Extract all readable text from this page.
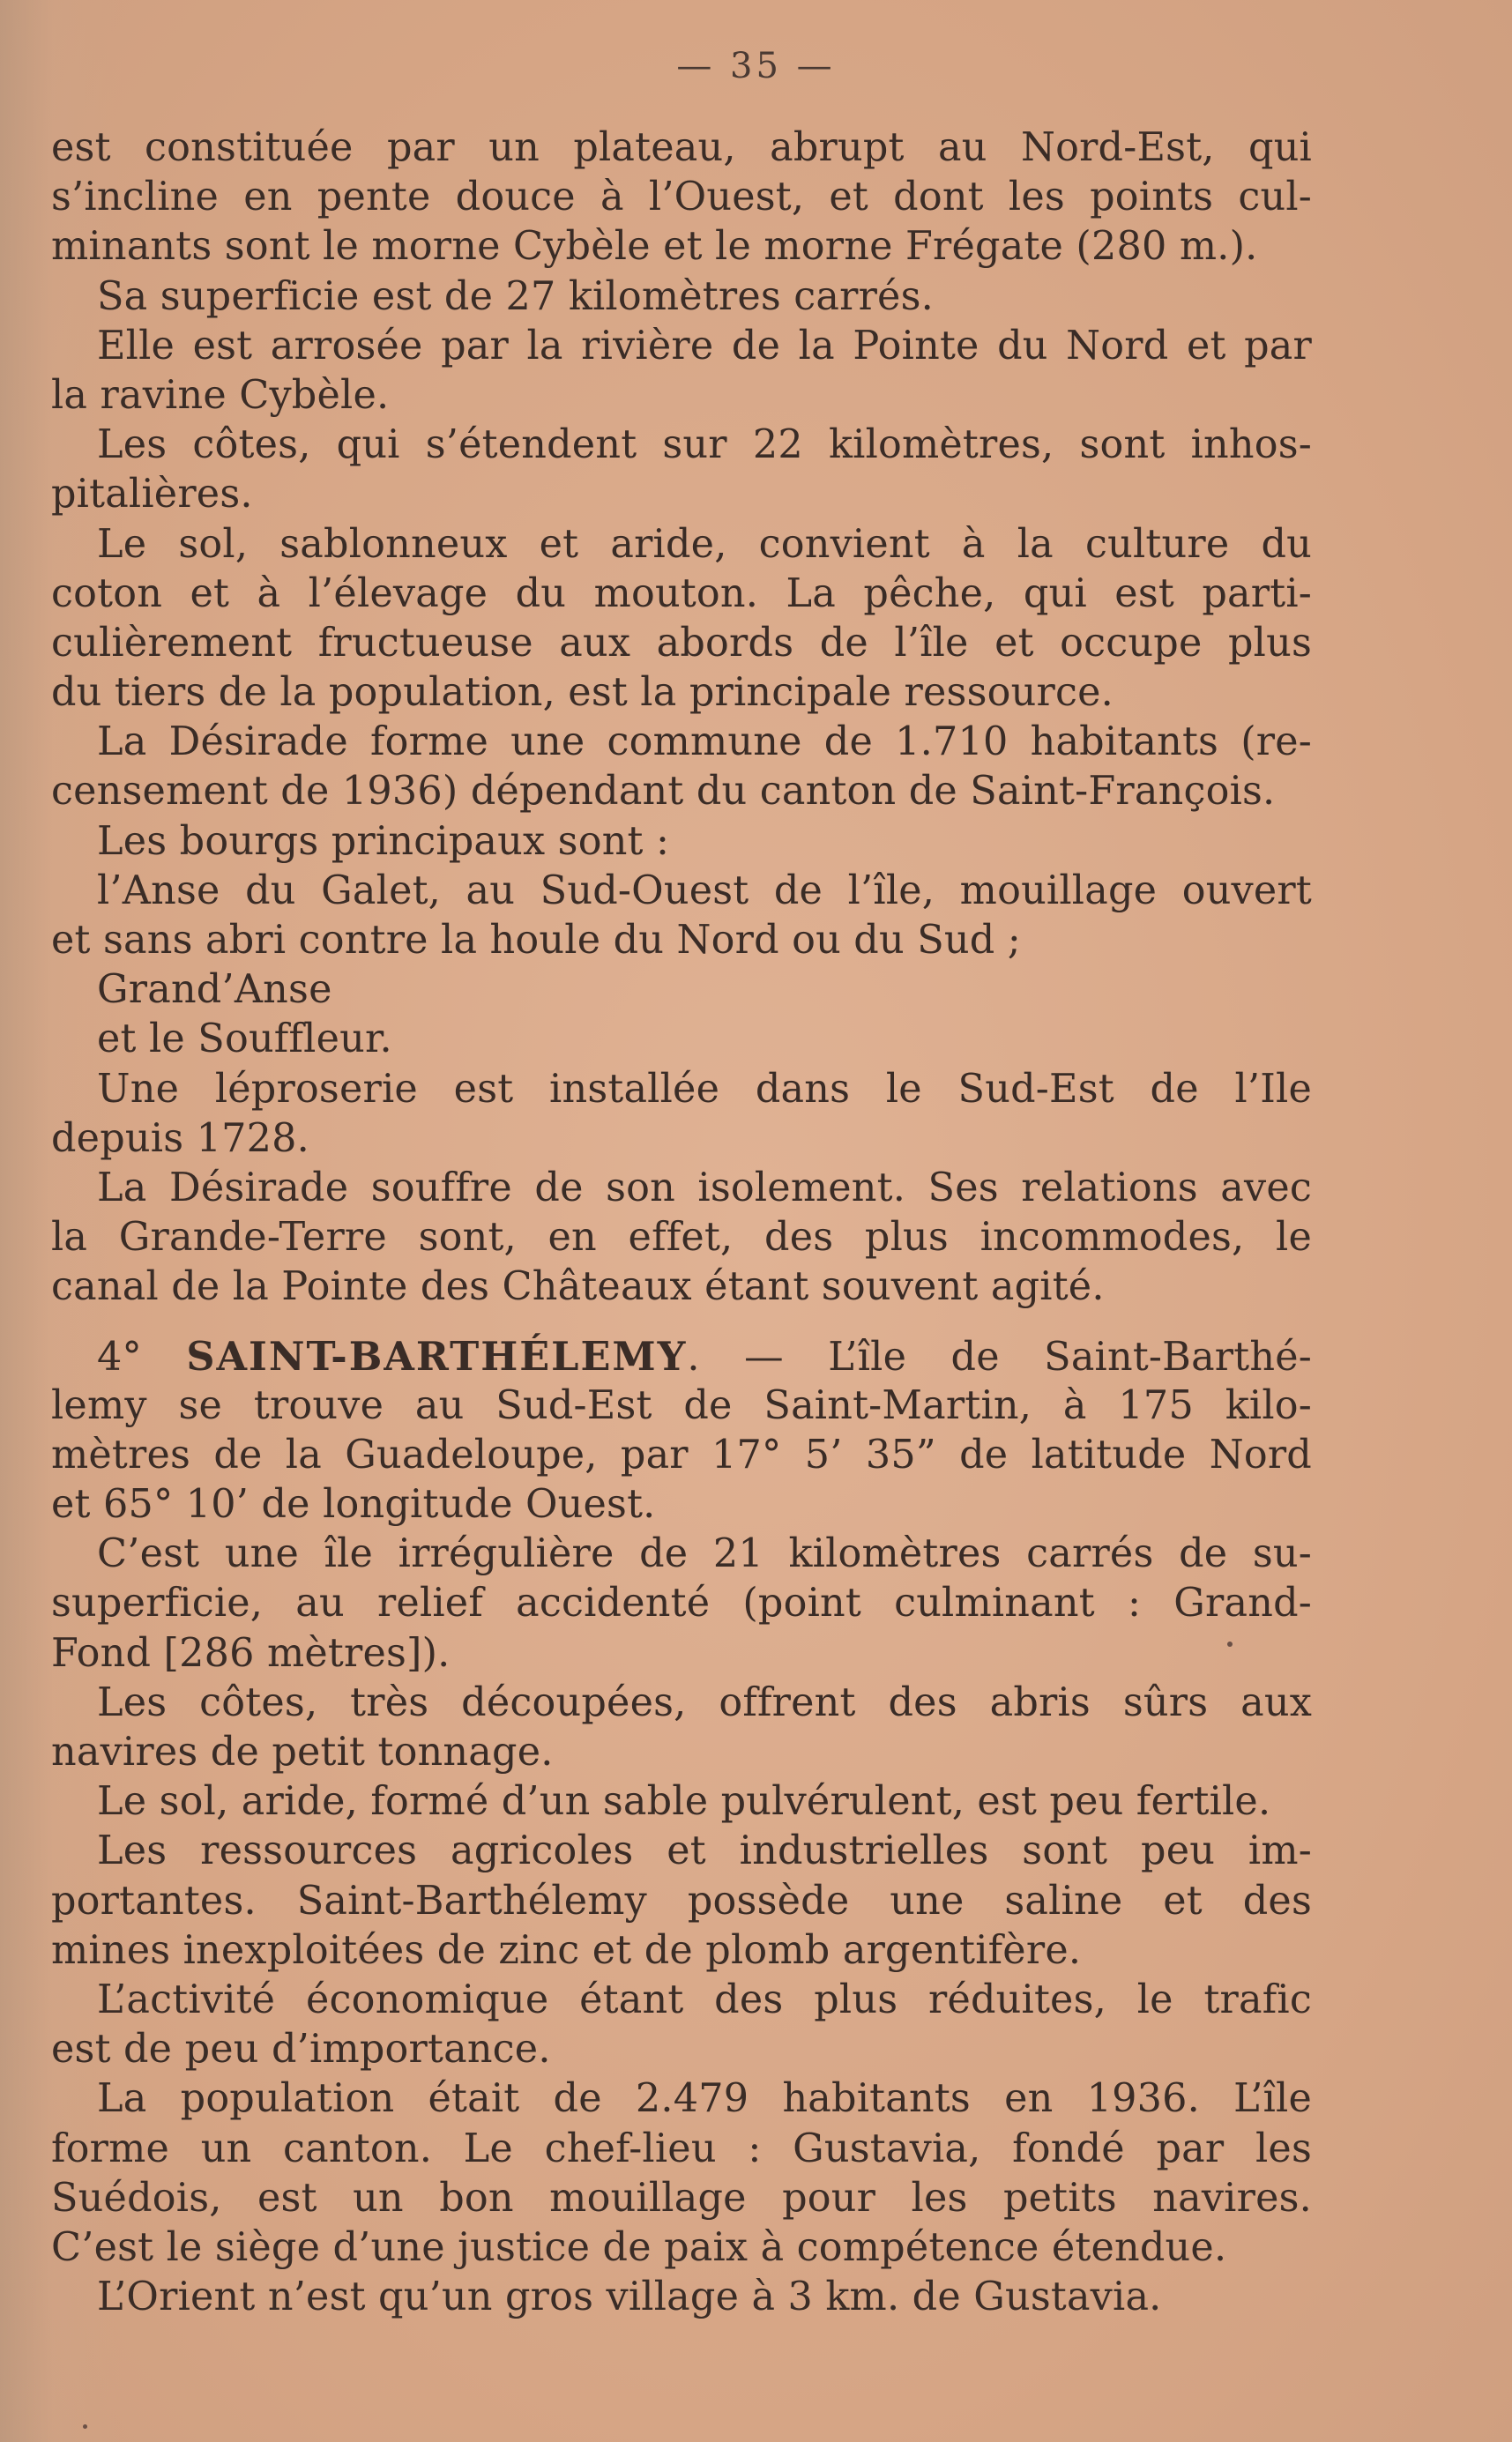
— 35 —
est constituée par un plateau, abrupt au Nord-Est, qui
s’incline en pente douce à l’Ouest, et dont les points cul-
minants sont le morne Cybèle et le morne Frégate (280 m.).
Sa superficie est de 27 kilomètres carrés.
Elle est arrosée par la rivière de la Pointe du Nord et par
la ravine Cybèle.
Les côtes, qui s’étendent sur 22 kilomètres, sont inhos-
pitalières.
Le sol, sablonneux et aride, convient à la culture du
coton et à l’élevage du mouton. La pêche, qui est parti-
culièrement fructueuse aux abords de l’île et occupe plus
du tiers de la population, est la principale ressource.
La Désirade forme une commune de 1.710 habitants (re-
censement de 1936) dépendant du canton de Saint-François.
Les bourgs principaux sont :
l’Anse du Galet, au Sud-Ouest de l’île, mouillage ouvert
et sans abri contre la houle du Nord ou du Sud ;
Grand’Anse
et le Souffleur.
Une léproserie est installée dans le Sud-Est de l’Ile
depuis 1728.
La Désirade souffre de son isolement. Ses relations avec
la Grande-Terre sont, en effet, des plus incommodes, le
canal de la Pointe des Châteaux étant souvent agité.
4° SAINT-BARTHÉLEMY. — L’île de Saint-Barthé-
lemy se trouve au Sud-Est de Saint-Martin, à 175 kilo-
mètres de la Guadeloupe, par 17° 5’ 35” de latitude Nord
et 65° 10’ de longitude Ouest.
C’est une île irrégulière de 21 kilomètres carrés de su-
superficie, au relief accidenté (point culminant : Grand-
Fond [286 mètres]).
Les côtes, très découpées, offrent des abris sûrs aux
navires de petit tonnage.
Le sol, aride, formé d’un sable pulvérulent, est peu fertile.
Les ressources agricoles et industrielles sont peu im-
portantes. Saint-Barthélemy possède une saline et des
mines inexploitées de zinc et de plomb argentifère.
L’activité économique étant des plus réduites, le trafic
est de peu d’importance.
La population était de 2.479 habitants en 1936. L’île
forme un canton. Le chef-lieu : Gustavia, fondé par les
Suédois, est un bon mouillage pour les petits navires.
C’est le siège d’une justice de paix à compétence étendue.
L’Orient n’est qu’un gros village à 3 km. de Gustavia.
